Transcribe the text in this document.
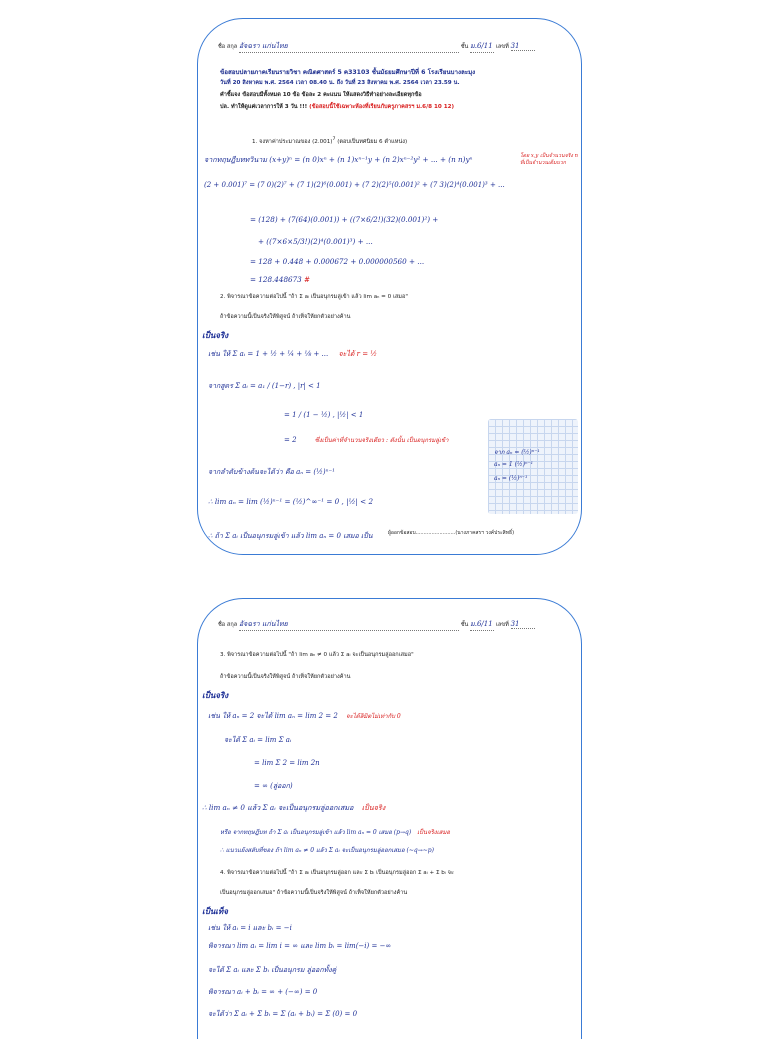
ชื่อ สกุล อัจฉรา แก่นไทย	ชั้น ม.6/11 เลขที่ 31
ข้อสอบปลายภาคเรียนรายวิชา คณิตศาสตร์ 5 ค33103 ชั้นมัธยมศึกษาปีที่ 6 โรงเรียนบางละมุง
วันที่ 20 สิงหาคม พ.ศ. 2564 เวลา 08.40 น. ถึง วันที่ 23 สิงหาคม พ.ศ. 2564 เวลา 23.59 น.
คำชี้แจง ข้อสอบมีทั้งหมด 10 ข้อ ข้อละ 2 คะแนน ให้แสดงวิธีทำอย่างละเอียดทุกข้อ
ปล. ทำให้ดูแค่เวลาการให้ 3 วัน !!! (ข้อสอบนี้ใช้เฉพาะห้องที่เรียนกับครูภาคสรฯ ม.6/8 10 12)
1. จงหาค่าประมาณของ $(2.001)^7$ (ตอบเป็นทศนิยม 6 ตำแหน่ง)
จากทฤษฎีบททวินาม (x+y)ⁿ = (n 0)xⁿ + (n 1)xⁿ⁻¹y + (n 2)xⁿ⁻²y² + ... + (n n)yⁿ	โดย x,y เป็นจำนวนจริง n ที่เป็นจำนวนเต็มบวก
(2 + 0.001)⁷ = (7 0)(2)⁷ + (7 1)(2)⁶(0.001) + (7 2)(2)⁵(0.001)² + (7 3)(2)⁴(0.001)³ + ...
= (128) + (7(64)(0.001)) + ((7×6/2!)(32)(0.001)²) +
+ ((7×6×5/3!)(2)⁴(0.001)³) + ...
= 128 + 0.448 + 0.000672 + 0.000000560 + ...
= 128.448673 #
2. พิจารณาข้อความต่อไปนี้ "ถ้า Σ aᵢ เป็นอนุกรมลู่เข้า แล้ว lim aₙ = 0 เสมอ"
ถ้าข้อความนี้เป็นจริงให้พิสูจน์ ถ้าเท็จให้ยกตัวอย่างค้าน
เป็นจริง
เช่น ให้ Σ aᵢ = 1 + ½ + ¼ + ⅛ + ... จะได้ r = ½
จากสูตร Σ aᵢ = a₁ / (1−r) , |r| < 1
= 1 / (1 − ½) , |½| < 1
= 2	ซึ่งเป็นค่าที่จำนวนจริงเดียว : ดังนั้น เป็นอนุกรมลู่เข้า
จาก aₙ = (½)ⁿ⁻¹
aₙ = 1 (½)ⁿ⁻¹
aₙ = (½)ⁿ⁻¹
จากลำดับข้างต้นจะได้ว่า คือ aₙ = (½)ⁿ⁻¹
∴ lim aₙ = lim (½)ⁿ⁻¹ = (½)^∞⁻¹ = 0 , |½| < 2
∴ ถ้า Σ aᵢ เป็นอนุกรมลู่เข้า แล้ว lim aₙ = 0 เสมอ เป็น	ผู้ออกข้อสอบ.........................(นางภาคสรฯ วงค์ประสิทธิ์)
ชื่อ สกุล อัจฉรา แก่นไทย	ชั้น ม.6/11 เลขที่ 31
3. พิจารณาข้อความต่อไปนี้ "ถ้า lim aₙ ≠ 0 แล้ว Σ aᵢ จะเป็นอนุกรมลู่ออกเสมอ"
ถ้าข้อความนี้เป็นจริงให้พิสูจน์ ถ้าเท็จให้ยกตัวอย่างค้าน
เป็นจริง
เช่น ให้ aₙ = 2 จะได้ lim aₙ = lim 2 = 2 จะได้ลิมิตไม่เท่ากับ 0
จะได้ Σ aᵢ = lim Σ aᵢ
= lim Σ 2 = lim 2n
= ∞ (ลู่ออก)
∴ lim aₙ ≠ 0 แล้ว Σ aᵢ จะเป็นอนุกรมลู่ออกเสมอ เป็นจริง
หรือ จากทฤษฎีบท ถ้า Σ aᵢ เป็นอนุกรมลู่เข้า แล้ว lim aₙ = 0 เสมอ (p→q) เป็นจริงเสมอ
∴ แนวแย้งสลับที่ของ ถ้า lim aₙ ≠ 0 แล้ว Σ aᵢ จะเป็นอนุกรมลู่ออกเสมอ (~q→~p)
4. พิจารณาข้อความต่อไปนี้ "ถ้า Σ aᵢ เป็นอนุกรมลู่ออก และ Σ bᵢ เป็นอนุกรมลู่ออก Σ aᵢ + Σ bᵢ จะ
เป็นอนุกรมลู่ออกเสมอ" ถ้าข้อความนี้เป็นจริงให้พิสูจน์ ถ้าเท็จให้ยกตัวอย่างค้าน
เป็นเท็จ
เช่น ให้ aᵢ = i และ bᵢ = −i
พิจารณา lim aᵢ = lim i = ∞ และ lim bᵢ = lim(−i) = −∞
จะได้ Σ aᵢ และ Σ bᵢ เป็นอนุกรม ลู่ออกทั้งคู่
พิจารณา aᵢ + bᵢ = ∞ + (−∞) = 0
จะได้ว่า Σ aᵢ + Σ bᵢ = Σ (aᵢ + bᵢ) = Σ (0) = 0
